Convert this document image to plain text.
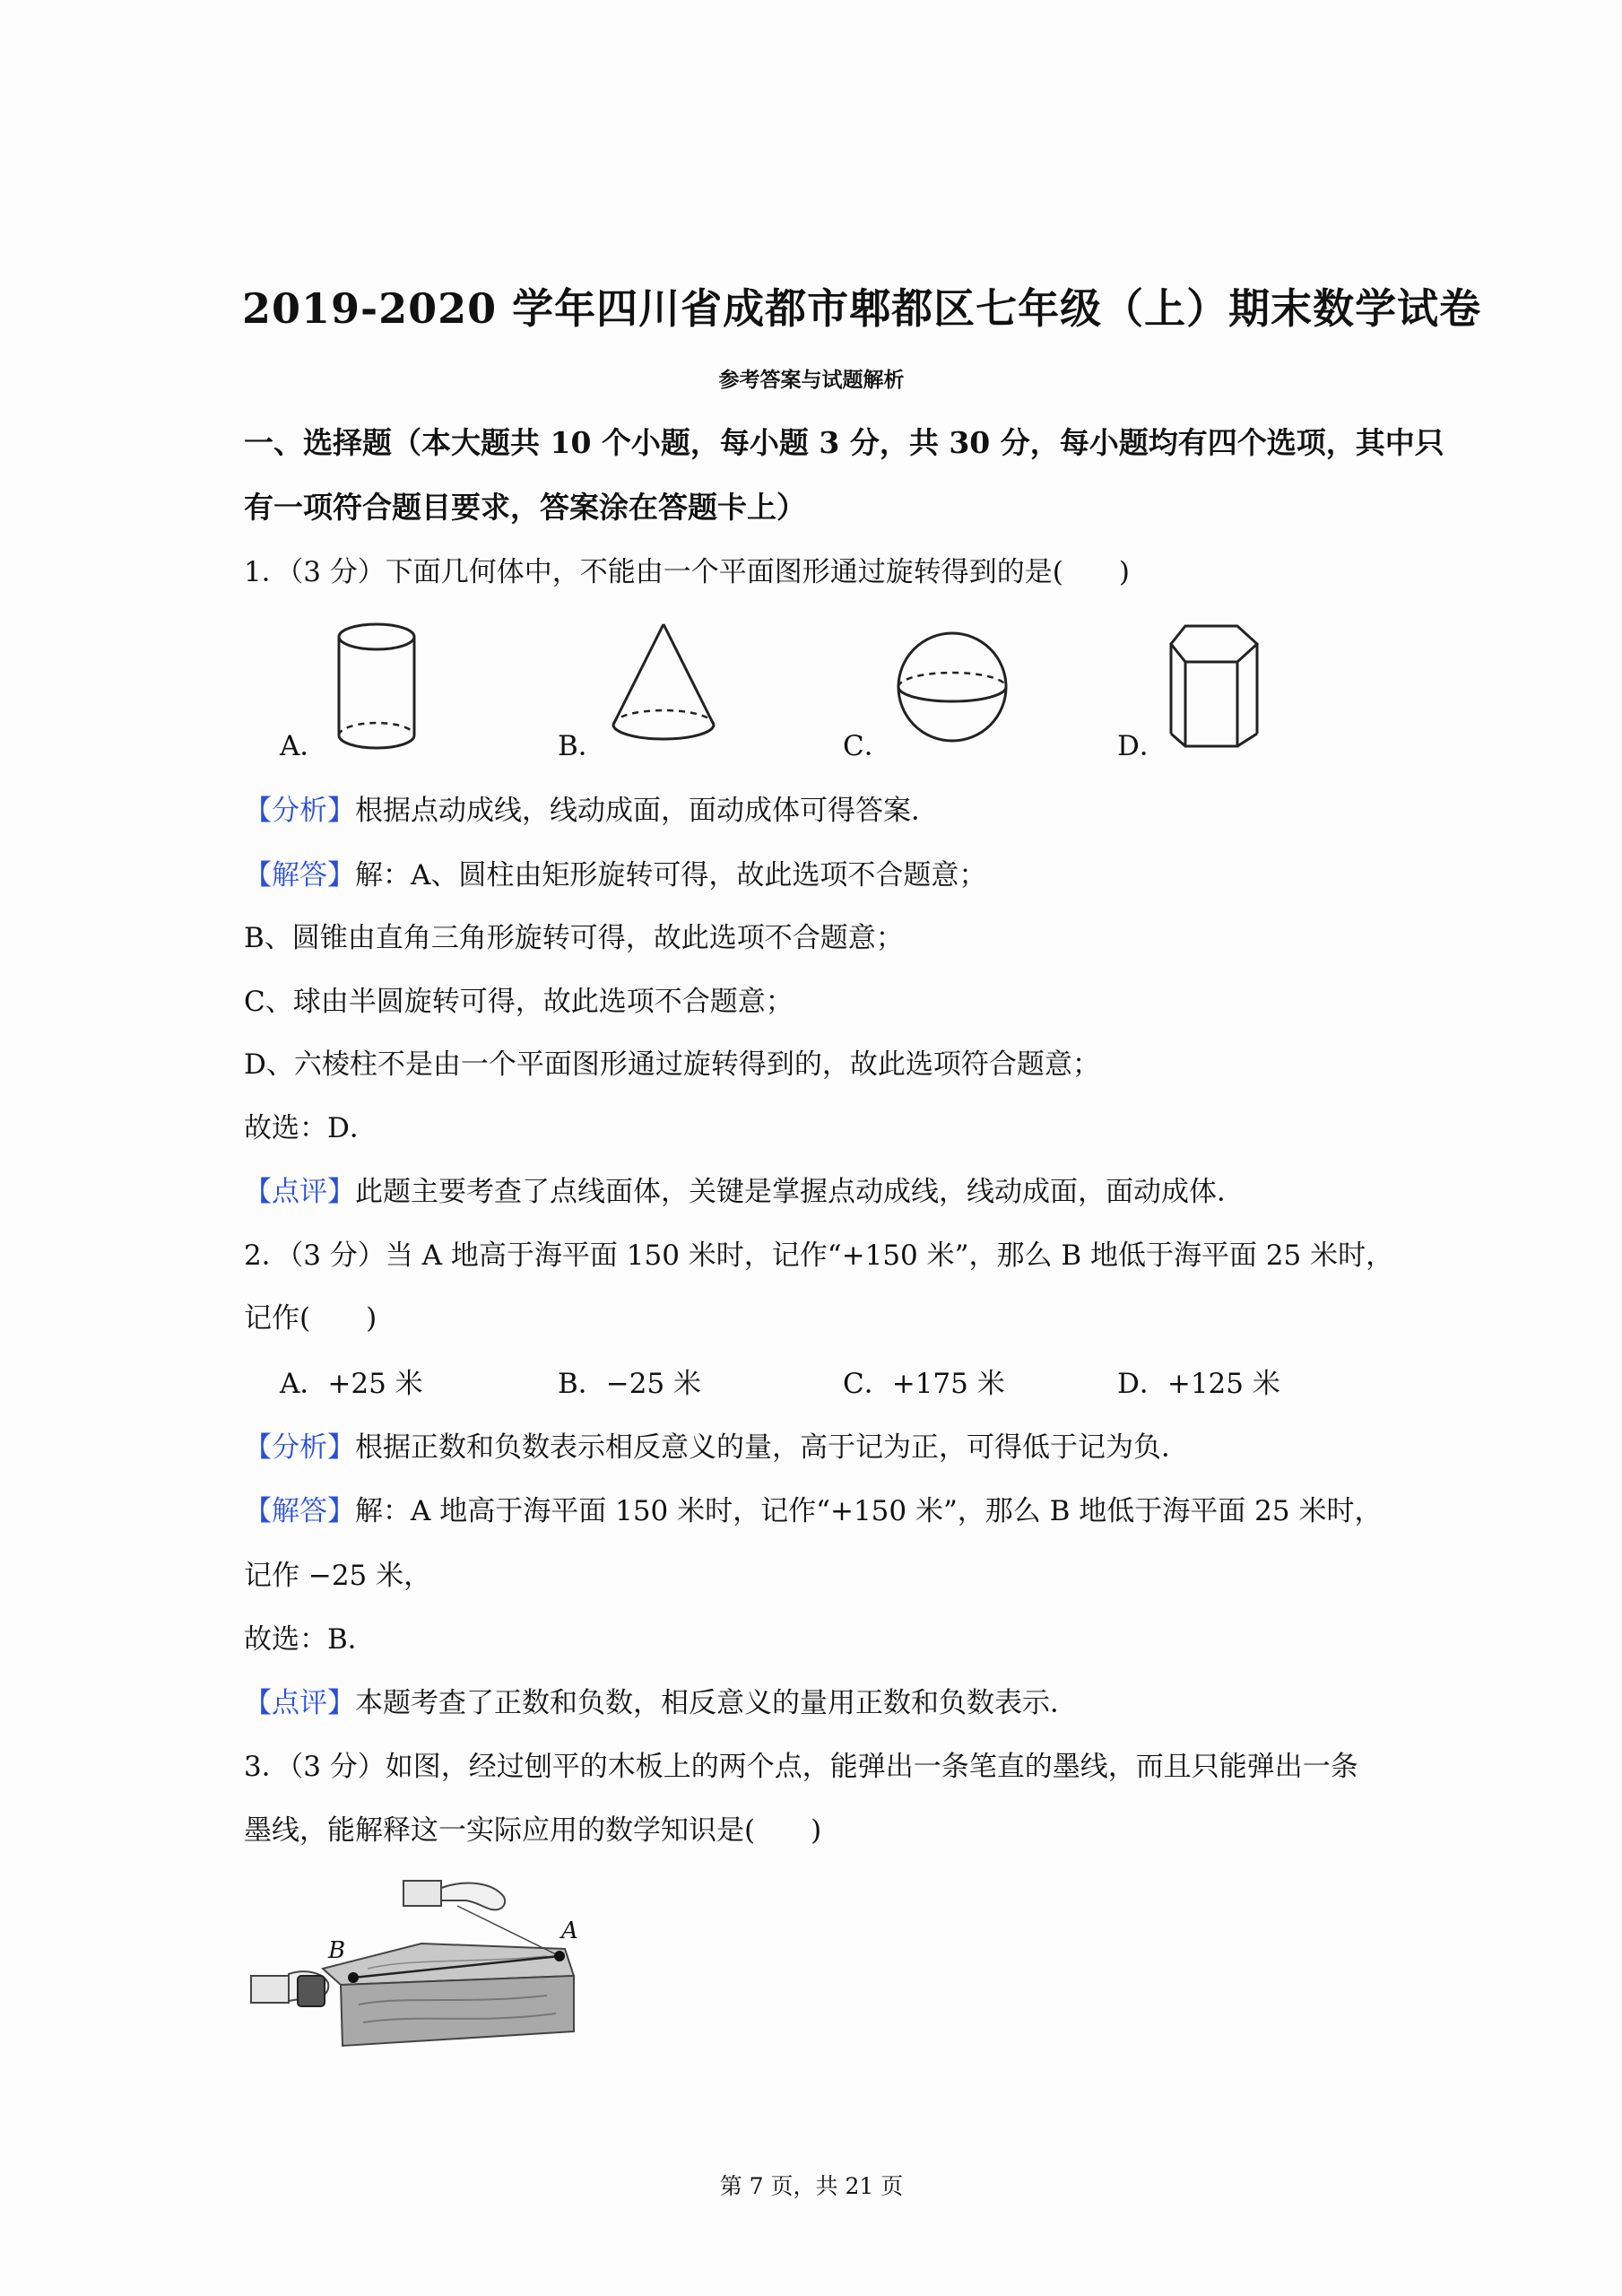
2019-2020 学年四川省成都市郫都区七年级（上）期末数学试卷
参考答案与试题解析
一、选择题（本大题共 10 个小题，每小题 3 分，共 30 分，每小题均有四个选项，其中只
有一项符合题目要求，答案涂在答题卡上）
1．（3 分）下面几何体中，不能由一个平面图形通过旋转得到的是(　　)
A．	B．	C．	D．
【分析】根据点动成线，线动成面，面动成体可得答案．
【解答】解：A、圆柱由矩形旋转可得，故此选项不合题意；
B、圆锥由直角三角形旋转可得，故此选项不合题意；
C、球由半圆旋转可得，故此选项不合题意；
D、六棱柱不是由一个平面图形通过旋转得到的，故此选项符合题意；
故选：D．
【点评】此题主要考查了点线面体，关键是掌握点动成线，线动成面，面动成体．
2．（3 分）当 A 地高于海平面 150 米时，记作“+150 米”，那么 B 地低于海平面 25 米时，
记作(　　)
A．+25 米	B．−25 米	C．+175 米	D．+125 米
【分析】根据正数和负数表示相反意义的量，高于记为正，可得低于记为负．
【解答】解：A 地高于海平面 150 米时，记作“+150 米”，那么 B 地低于海平面 25 米时，
记作 −25 米，
故选：B．
【点评】本题考查了正数和负数，相反意义的量用正数和负数表示．
3．（3 分）如图，经过刨平的木板上的两个点，能弹出一条笔直的墨线，而且只能弹出一条
墨线，能解释这一实际应用的数学知识是(　　)
B
A
第 7 页，共 21 页
